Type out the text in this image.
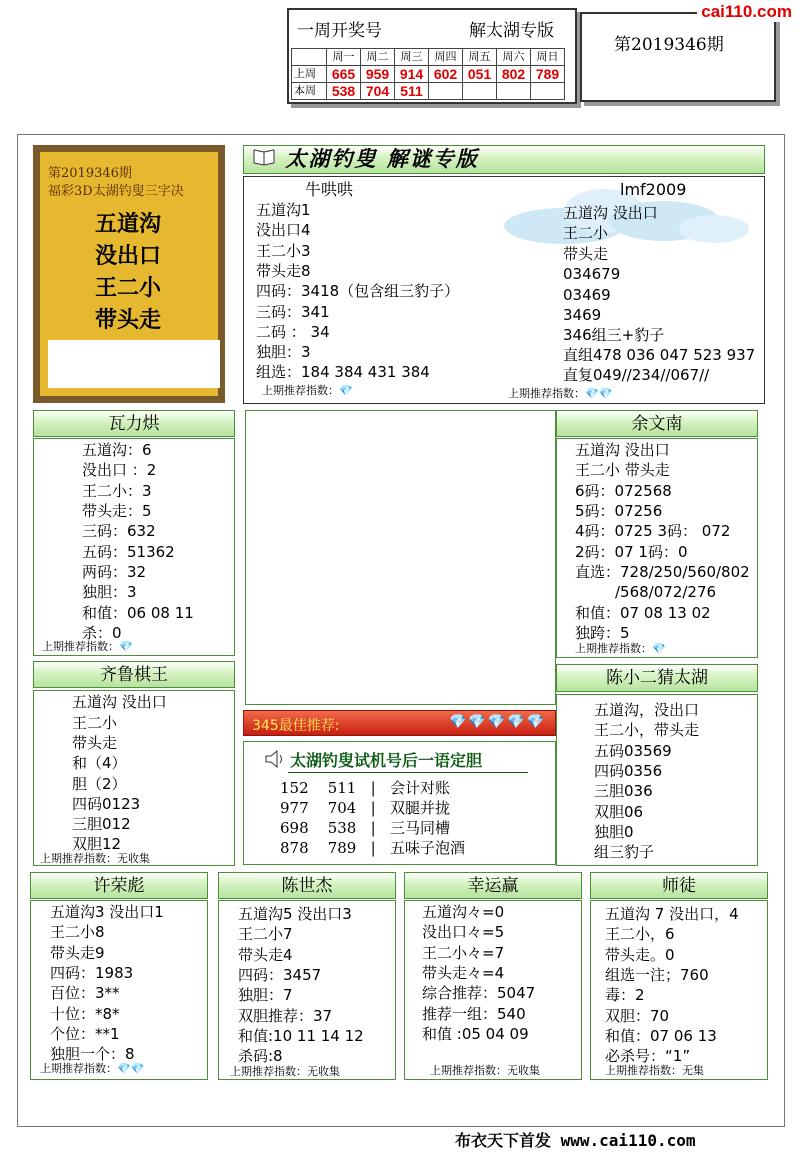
一周开奖号	解太湖专版
	周一	周二	周三	周四	周五	周六	周日
上周	665	959	914	602	051	802	789
本周	538	704	511				
第2019346期
cai110.com
第2019346期
福彩3D太湖钓叟三字决
五道沟
没出口
王二小
带头走
太湖钓叟 解谜专版
牛哄哄
五道沟1
没出口4
王二小3
带头走8
四码：3418（包含组三豹子）
三码：341
二码 ： 34
独胆：3
组选：184 384 431 384
上期推荐指数：💎
lmf2009
五道沟 没出口
王二小
带头走
034679
03469
3469
346组三+豹子
直组478 036 047 523 937
直复049//234//067//
上期推荐指数：💎💎
瓦力烘
五道沟：6
没出口 ：2
王二小：3
带头走：5
三码：632
五码：51362
两码：32
独胆：3
和值：06 08 11
杀：0
上期推荐指数：💎
齐鲁棋王
五道沟 没出口
王二小
带头走
和（4）
胆（2）
四码0123
三胆012
双胆12
上期推荐指数：无收集
345最佳推荐:	💎💎💎💎💎
太湖钓叟试机号后一语定胆
152 511 | 会计对账
977 704 | 双腿并拢
698 538 | 三马同槽
878 789 | 五味子泡酒
余文南
五道沟 没出口
王二小 带头走
6码：072568
5码：07256
4码：0725 3码： 072
2码：07 1码：0
直选：728/250/560/802
/568/072/276
和值：07 08 13 02
独跨：5
上期推荐指数：💎
陈小二猜太湖
五道沟，没出口
王二小，带头走
五码03569
四码0356
三胆036
双胆06
独胆0
组三豹子
许荣彪
五道沟3 没出口1
王二小8
带头走9
四码：1983
百位：3**
十位：*8*
个位：**1
独胆一个：8
上期推荐指数：💎💎
陈世杰
五道沟5 没出口3
王二小7
带头走4
四码：3457
独胆：7
双胆推荐：37
和值:10 11 14 12
杀码:8
上期推荐指数：无收集
幸运赢
五道沟々=0
没出口々=5
王二小々=7
带头走々=4
综合推荐：5047
推荐一组：540
和值 :05 04 09
上期推荐指数：无收集
师徒
五道沟 7 没出口，4
王二小，6
带头走。0
组选一注；760
毒：2
双胆：70
和值：07 06 13
必杀号：“1”
上期推荐指数：无集
布衣天下首发 www.cai110.com
